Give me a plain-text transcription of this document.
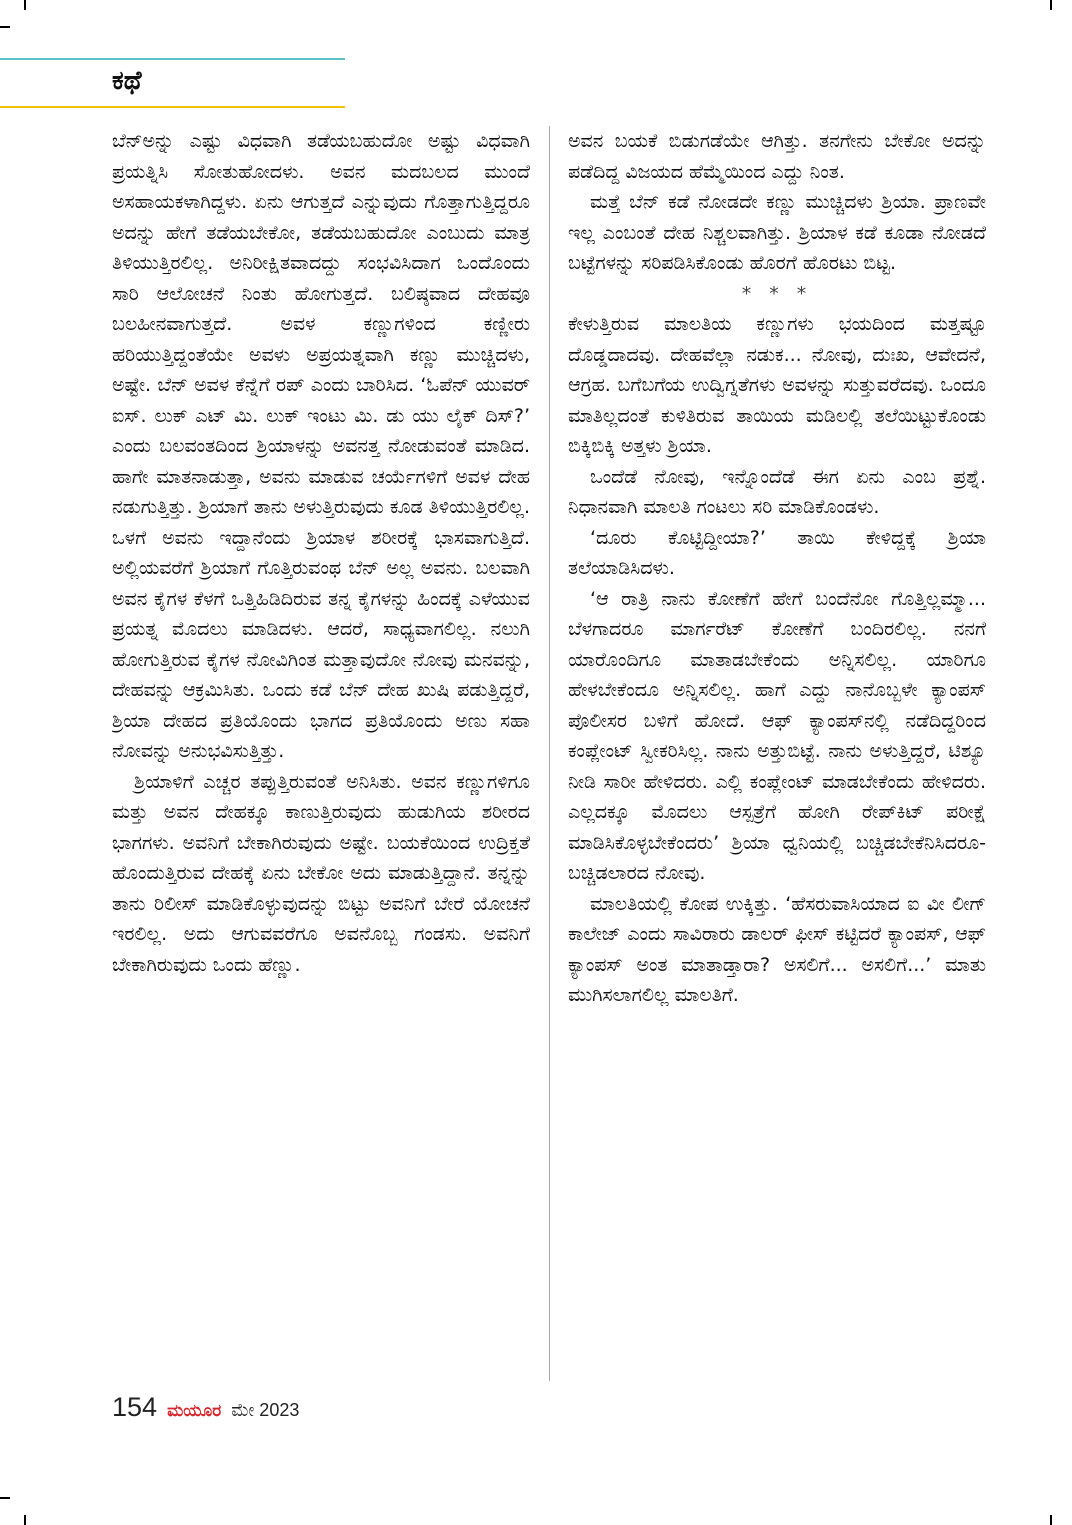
ಕಥೆ

ಬೆನ್‌ಅನ್ನು ಎಷ್ಟು ವಿಧವಾಗಿ ತಡೆಯಬಹುದೋ ಅಷ್ಟು ವಿಧವಾಗಿ ಪ್ರಯತ್ನಿಸಿ ಸೋತುಹೋದಳು. ಅವನ ಮದಬಲದ ಮುಂದೆ ಅಸಹಾಯಕಳಾಗಿದ್ದಳು. ಏನು ಆಗುತ್ತದೆ ಎನ್ನುವುದು ಗೊತ್ತಾಗುತ್ತಿದ್ದರೂ ಅದನ್ನು ಹೇಗೆ ತಡೆಯಬೇಕೋ, ತಡೆಯಬಹುದೋ ಎಂಬುದು ಮಾತ್ರ ತಿಳಿಯುತ್ತಿರಲಿಲ್ಲ. ಅನಿರೀಕ್ಷಿತವಾದದ್ದು ಸಂಭವಿಸಿದಾಗ ಒಂದೊಂದು ಸಾರಿ ಆಲೋಚನೆ ನಿಂತು ಹೋಗುತ್ತದೆ. ಬಲಿಷ್ಠವಾದ ದೇಹವೂ ಬಲಹೀನವಾಗುತ್ತದೆ. ಅವಳ ಕಣ್ಣುಗಳಿಂದ ಕಣ್ಣೀರು ಹರಿಯುತ್ತಿದ್ದಂತೆಯೇ ಅವಳು ಅಪ್ರಯತ್ನವಾಗಿ ಕಣ್ಣು ಮುಚ್ಚಿದಳು, ಅಷ್ಟೇ. ಬೆನ್ ಅವಳ ಕೆನ್ನೆಗೆ ರಪ್ ಎಂದು ಬಾರಿಸಿದ. ‘ಓಪೆನ್ ಯುವರ್ ಐಸ್. ಲುಕ್ ಎಟ್ ಮಿ. ಲುಕ್ ಇಂಟು ಮಿ. ಡು ಯು ಲೈಕ್ ದಿಸ್?’ ಎಂದು ಬಲವಂತದಿಂದ ಶ್ರಿಯಾಳನ್ನು ಅವನತ್ತ ನೋಡುವಂತೆ ಮಾಡಿದ. ಹಾಗೇ ಮಾತನಾಡುತ್ತಾ, ಅವನು ಮಾಡುವ ಚರ್ಯೆಗಳಿಗೆ ಅವಳ ದೇಹ ನಡುಗುತ್ತಿತ್ತು. ಶ್ರಿಯಾಗೆ ತಾನು ಅಳುತ್ತಿರುವುದು ಕೂಡ ತಿಳಿಯುತ್ತಿರಲಿಲ್ಲ. ಒಳಗೆ ಅವನು ಇದ್ದಾನೆಂದು ಶ್ರಿಯಾಳ ಶರೀರಕ್ಕೆ ಭಾಸವಾಗುತ್ತಿದೆ. ಅಲ್ಲಿಯವರೆಗೆ ಶ್ರಿಯಾಗೆ ಗೊತ್ತಿರುವಂಥ ಬೆನ್ ಅಲ್ಲ ಅವನು. ಬಲವಾಗಿ ಅವನ ಕೈಗಳ ಕೆಳಗೆ ಒತ್ತಿಹಿಡಿದಿರುವ ತನ್ನ ಕೈಗಳನ್ನು ಹಿಂದಕ್ಕೆ ಎಳೆಯುವ ಪ್ರಯತ್ನ ಮೊದಲು ಮಾಡಿದಳು. ಆದರೆ, ಸಾಧ್ಯವಾಗಲಿಲ್ಲ. ನಲುಗಿ ಹೋಗುತ್ತಿರುವ ಕೈಗಳ ನೋವಿಗಿಂತ ಮತ್ತಾವುದೋ ನೋವು ಮನವನ್ನು, ದೇಹವನ್ನು ಆಕ್ರಮಿಸಿತು. ಒಂದು ಕಡೆ ಬೆನ್ ದೇಹ ಖುಷಿ ಪಡುತ್ತಿದ್ದರೆ, ಶ್ರಿಯಾ ದೇಹದ ಪ್ರತಿಯೊಂದು ಭಾಗದ ಪ್ರತಿಯೊಂದು ಅಣು ಸಹಾ ನೋವನ್ನು ಅನುಭವಿಸುತ್ತಿತ್ತು.

ಶ್ರಿಯಾಳಿಗೆ ಎಚ್ಚರ ತಪ್ಪುತ್ತಿರುವಂತೆ ಅನಿಸಿತು. ಅವನ ಕಣ್ಣುಗಳಿಗೂ ಮತ್ತು ಅವನ ದೇಹಕ್ಕೂ ಕಾಣುತ್ತಿರುವುದು ಹುಡುಗಿಯ ಶರೀರದ ಭಾಗಗಳು. ಅವನಿಗೆ ಬೇಕಾಗಿರುವುದು ಅಷ್ಟೇ. ಬಯಕೆಯಿಂದ ಉದ್ರಿಕ್ತತೆ ಹೊಂದುತ್ತಿರುವ ದೇಹಕ್ಕೆ ಏನು ಬೇಕೋ ಅದು ಮಾಡುತ್ತಿದ್ದಾನೆ. ತನ್ನನ್ನು ತಾನು ರಿಲೀಸ್ ಮಾಡಿಕೊಳ್ಳುವುದನ್ನು ಬಿಟ್ಟು ಅವನಿಗೆ ಬೇರೆ ಯೋಚನೆ ಇರಲಿಲ್ಲ. ಅದು ಆಗುವವರೆಗೂ ಅವನೊಬ್ಬ ಗಂಡಸು. ಅವನಿಗೆ ಬೇಕಾಗಿರುವುದು ಒಂದು ಹೆಣ್ಣು.

ಅವನ ಬಯಕೆ ಬಿಡುಗಡೆಯೇ ಆಗಿತ್ತು. ತನಗೇನು ಬೇಕೋ ಅದನ್ನು ಪಡೆದಿದ್ದ ವಿಜಯದ ಹೆಮ್ಮೆಯಿಂದ ಎದ್ದು ನಿಂತ.

ಮತ್ತೆ ಬೆನ್ ಕಡೆ ನೋಡದೇ ಕಣ್ಣು ಮುಚ್ಚಿದಳು ಶ್ರಿಯಾ. ಪ್ರಾಣವೇ ಇಲ್ಲ ಎಂಬಂತೆ ದೇಹ ನಿಶ್ಚಲವಾಗಿತ್ತು. ಶ್ರಿಯಾಳ ಕಡೆ ಕೂಡಾ ನೋಡದೆ ಬಟ್ಟೆಗಳನ್ನು ಸರಿಪಡಿಸಿಕೊಂಡು ಹೊರಗೆ ಹೊರಟು ಬಿಟ್ಟ.

* * *

ಕೇಳುತ್ತಿರುವ ಮಾಲತಿಯ ಕಣ್ಣುಗಳು ಭಯದಿಂದ ಮತ್ತಷ್ಟೂ ದೊಡ್ಡದಾದವು. ದೇಹವೆಲ್ಲಾ ನಡುಕ... ನೋವು, ದುಃಖ, ಆವೇದನೆ, ಆಗ್ರಹ. ಬಗೆಬಗೆಯ ಉದ್ವಿಗ್ನತೆಗಳು ಅವಳನ್ನು ಸುತ್ತುವರೆದವು. ಒಂದೂ ಮಾತಿಲ್ಲದಂತೆ ಕುಳಿತಿರುವ ತಾಯಿಯ ಮಡಿಲಲ್ಲಿ ತಲೆಯಿಟ್ಟುಕೊಂಡು ಬಿಕ್ಕಿಬಿಕ್ಕಿ ಅತ್ತಳು ಶ್ರಿಯಾ.

ಒಂದೆಡೆ ನೋವು, ಇನ್ನೊಂದೆಡೆ ಈಗ ಏನು ಎಂಬ ಪ್ರಶ್ನೆ. ನಿಧಾನವಾಗಿ ಮಾಲತಿ ಗಂಟಲು ಸರಿ ಮಾಡಿಕೊಂಡಳು.

‘ದೂರು ಕೊಟ್ಟಿದ್ದೀಯಾ?’ ತಾಯಿ ಕೇಳಿದ್ದಕ್ಕೆ ಶ್ರಿಯಾ ತಲೆಯಾಡಿಸಿದಳು.

‘ಆ ರಾತ್ರಿ ನಾನು ಕೋಣೆಗೆ ಹೇಗೆ ಬಂದೆನೋ ಗೊತ್ತಿಲ್ಲಮ್ಮಾ... ಬೆಳಗಾದರೂ ಮಾರ್ಗರೆಟ್ ಕೋಣೆಗೆ ಬಂದಿರಲಿಲ್ಲ. ನನಗೆ ಯಾರೊಂದಿಗೂ ಮಾತಾಡಬೇಕೆಂದು ಅನ್ನಿಸಲಿಲ್ಲ. ಯಾರಿಗೂ ಹೇಳಬೇಕೆಂದೂ ಅನ್ನಿಸಲಿಲ್ಲ. ಹಾಗೆ ಎದ್ದು ನಾನೊಬ್ಬಳೇ ಕ್ಯಾಂಪಸ್ ಪೊಲೀಸರ ಬಳಿಗೆ ಹೋದೆ. ಆಫ್ ಕ್ಯಾಂಪಸ್‌ನಲ್ಲಿ ನಡೆದಿದ್ದರಿಂದ ಕಂಪ್ಲೇಂಟ್ ಸ್ವೀಕರಿಸಿಲ್ಲ. ನಾನು ಅತ್ತುಬಿಟ್ಟೆ. ನಾನು ಅಳುತ್ತಿದ್ದರೆ, ಟಿಶ್ಯೂ ನೀಡಿ ಸಾರೀ ಹೇಳಿದರು. ಎಲ್ಲಿ ಕಂಪ್ಲೇಂಟ್ ಮಾಡಬೇಕೆಂದು ಹೇಳಿದರು. ಎಲ್ಲದಕ್ಕೂ ಮೊದಲು ಆಸ್ಪತ್ರೆಗೆ ಹೋಗಿ ರೇಪ್‌ಕಿಟ್ ಪರೀಕ್ಷೆ ಮಾಡಿಸಿಕೊಳ್ಳಬೇಕೆಂದರು’ ಶ್ರಿಯಾ ಧ್ವನಿಯಲ್ಲಿ ಬಚ್ಚಿಡಬೇಕೆನಿಸಿದರೂ-ಬಚ್ಚಿಡಲಾರದ ನೋವು.

ಮಾಲತಿಯಲ್ಲಿ ಕೋಪ ಉಕ್ಕಿತ್ತು. ‘ಹೆಸರುವಾಸಿಯಾದ ಐ ವೀ ಲೀಗ್ ಕಾಲೇಜ್ ಎಂದು ಸಾವಿರಾರು ಡಾಲರ್ ಫೀಸ್ ಕಟ್ಟಿದರೆ ಕ್ಯಾಂಪಸ್, ಆಫ್ ಕ್ಯಾಂಪಸ್ ಅಂತ ಮಾತಾಡ್ತಾರಾ? ಅಸಲಿಗೆ... ಅಸಲಿಗೆ...’ ಮಾತು ಮುಗಿಸಲಾಗಲಿಲ್ಲ ಮಾಲತಿಗೆ.

154 ಮಯೂರ ಮೇ 2023
